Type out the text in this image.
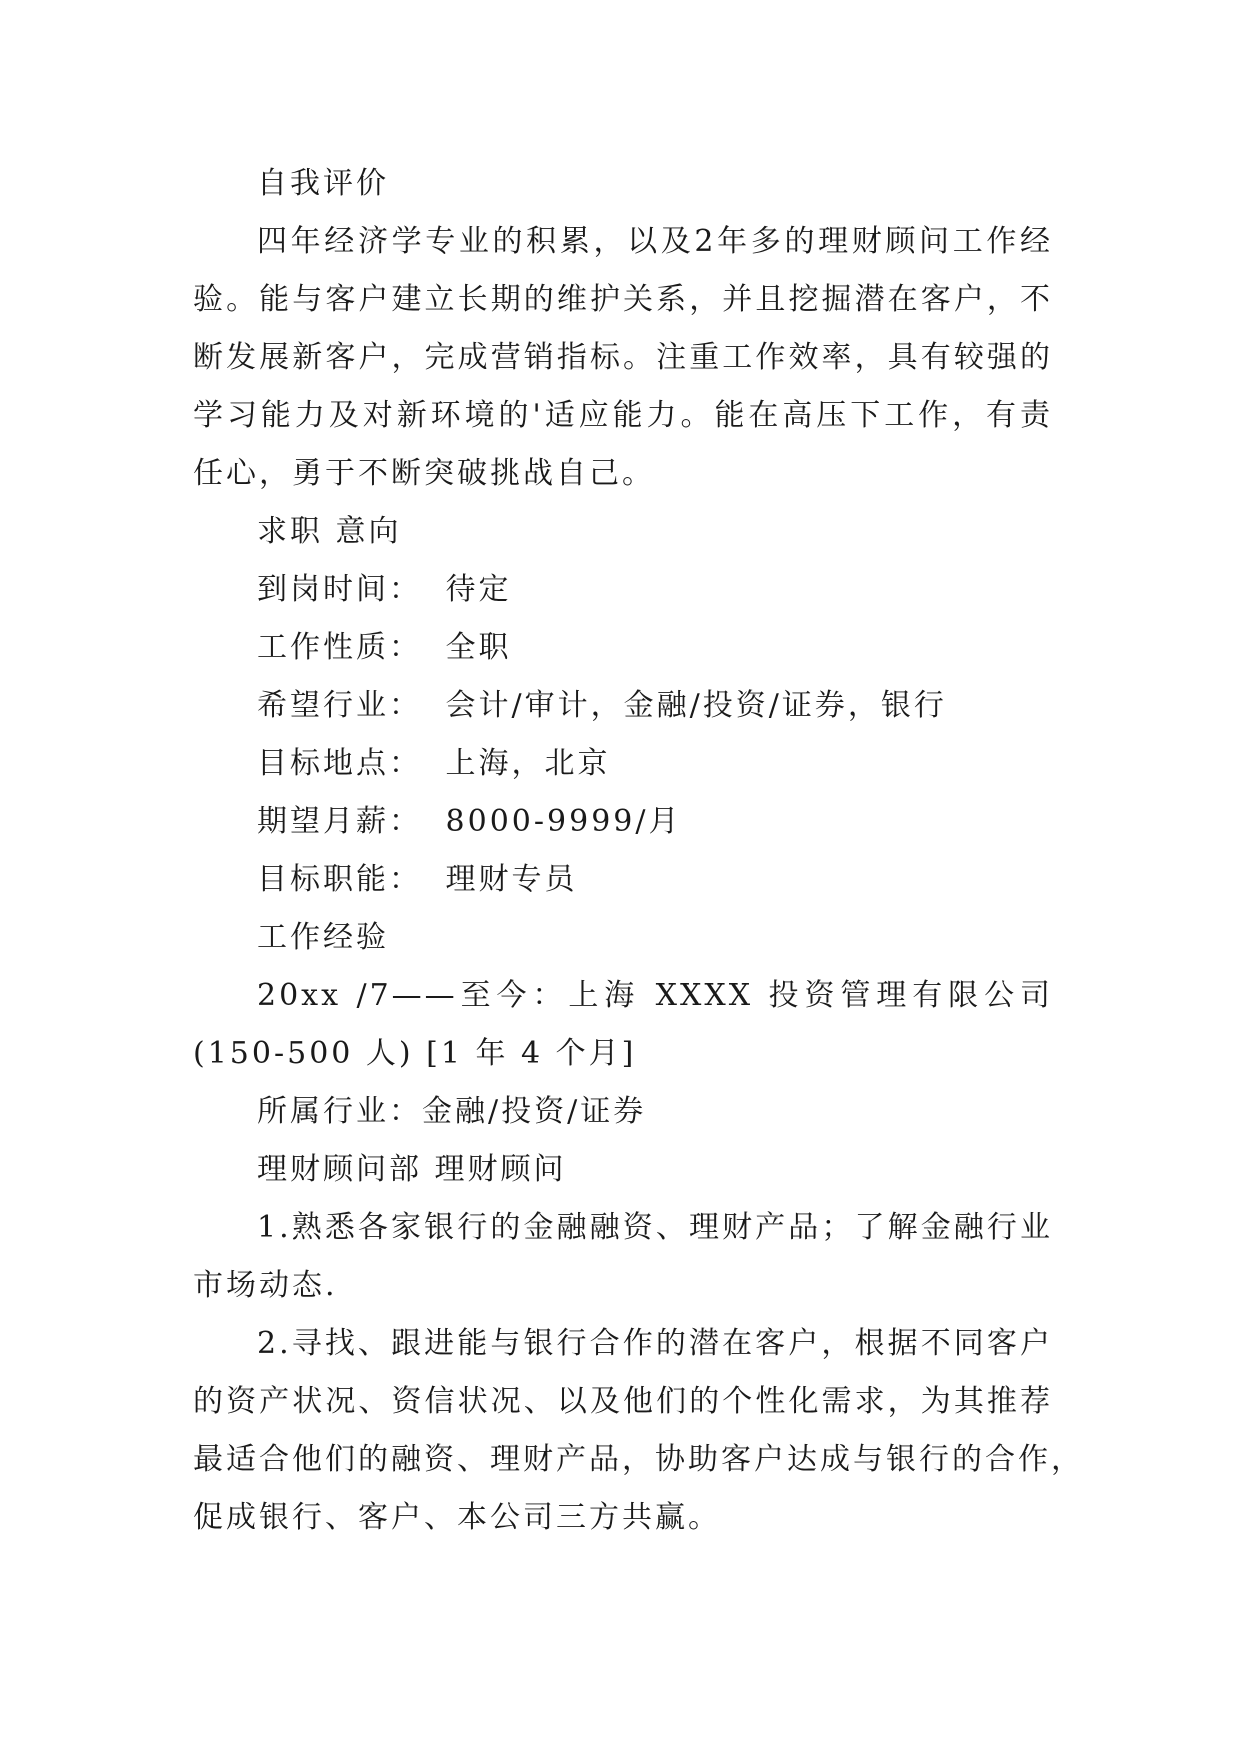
自我评价
四年经济学专业的积累，以及2年多的理财顾问工作经
验。能与客户建立长期的维护关系，并且挖掘潜在客户，不
断发展新客户，完成营销指标。注重工作效率，具有较强的
学习能力及对新环境的'适应能力。能在高压下工作，有责
任心，勇于不断突破挑战自己。
求职 意向
到岗时间： 待定
工作性质： 全职
希望行业： 会计/审计，金融/投资/证券，银行
目标地点： 上海，北京
期望月薪： 8000-9999/月
目标职能： 理财专员
工作经验
20xx /7——至今：上海 XXXX 投资管理有限公司
(150-500 人) [1 年 4 个月]
所属行业：金融/投资/证券
理财顾问部 理财顾问
1.熟悉各家银行的金融融资、理财产品；了解金融行业
市场动态.
2.寻找、跟进能与银行合作的潜在客户，根据不同客户
的资产状况、资信状况、以及他们的个性化需求，为其推荐
最适合他们的融资、理财产品，协助客户达成与银行的合作，
促成银行、客户、本公司三方共赢。
